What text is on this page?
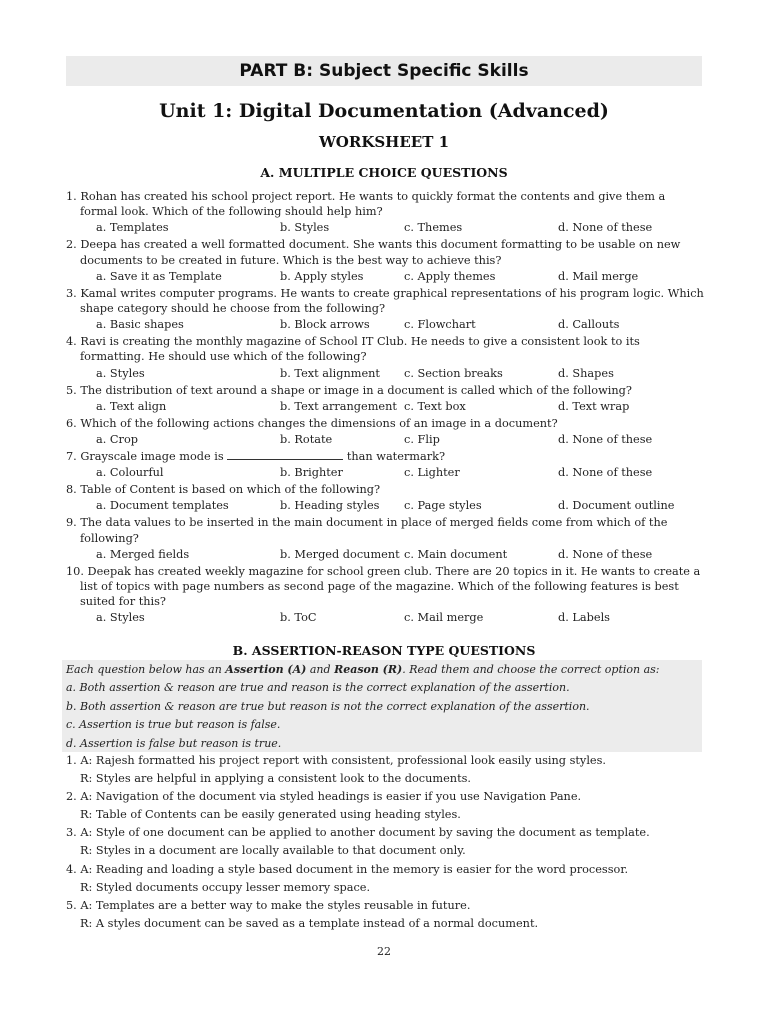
PART B: Subject Specific Skills
Unit 1: Digital Documentation (Advanced)
WORKSHEET 1
A. MULTIPLE CHOICE QUESTIONS
1. Rohan has created his school project report. He wants to quickly format the contents and give them a formal look. Which of the following should help him?
a. Templates	b. Styles	c. Themes	d. None of these
2. Deepa has created a well formatted document. She wants this document formatting to be usable on new documents to be created in future. Which is the best way to achieve this?
a. Save it as Template	b. Apply styles	c. Apply themes	d. Mail merge
3. Kamal writes computer programs. He wants to create graphical representations of his program logic. Which shape category should he choose from the following?
a. Basic shapes	b. Block arrows	c. Flowchart	d. Callouts
4. Ravi is creating the monthly magazine of School IT Club. He needs to give a consistent look to its formatting. He should use which of the following?
a. Styles	b. Text alignment c. Section breaks	d. Shapes
5. The distribution of text around a shape or image in a document is called which of the following?
a. Text align	b. Text arrangement c. Text box	d. Text wrap
6. Which of the following actions changes the dimensions of an image in a document?
a. Crop	b. Rotate	c. Flip	d. None of these
7. Grayscale image mode is	than watermark?
a. Colourful	b. Brighter	c. Lighter	d. None of these
8. Table of Content is based on which of the following?
a. Document templates	b. Heading styles c. Page styles	d. Document outline
9. The data values to be inserted in the main document in place of merged fields come from which of the following?
a. Merged fields	b. Merged document c. Main document	d. None of these
10. Deepak has created weekly magazine for school green club. There are 20 topics in it. He wants to create a list of topics with page numbers as second page of the magazine. Which of the following features is best suited for this?
a. Styles	b. ToC	c. Mail merge	d. Labels
B. ASSERTION-REASON TYPE QUESTIONS
Each question below has an Assertion (A) and Reason (R). Read them and choose the correct option as:
a. Both assertion & reason are true and reason is the correct explanation of the assertion.
b. Both assertion & reason are true but reason is not the correct explanation of the assertion.
c. Assertion is true but reason is false.
d. Assertion is false but reason is true.
1. A: Rajesh formatted his project report with consistent, professional look easily using styles.
R: Styles are helpful in applying a consistent look to the documents.
2. A: Navigation of the document via styled headings is easier if you use Navigation Pane.
R: Table of Contents can be easily generated using heading styles.
3. A: Style of one document can be applied to another document by saving the document as template.
R: Styles in a document are locally available to that document only.
4. A: Reading and loading a style based document in the memory is easier for the word processor.
R: Styled documents occupy lesser memory space.
5. A: Templates are a better way to make the styles reusable in future.
R: A styles document can be saved as a template instead of a normal document.
22
